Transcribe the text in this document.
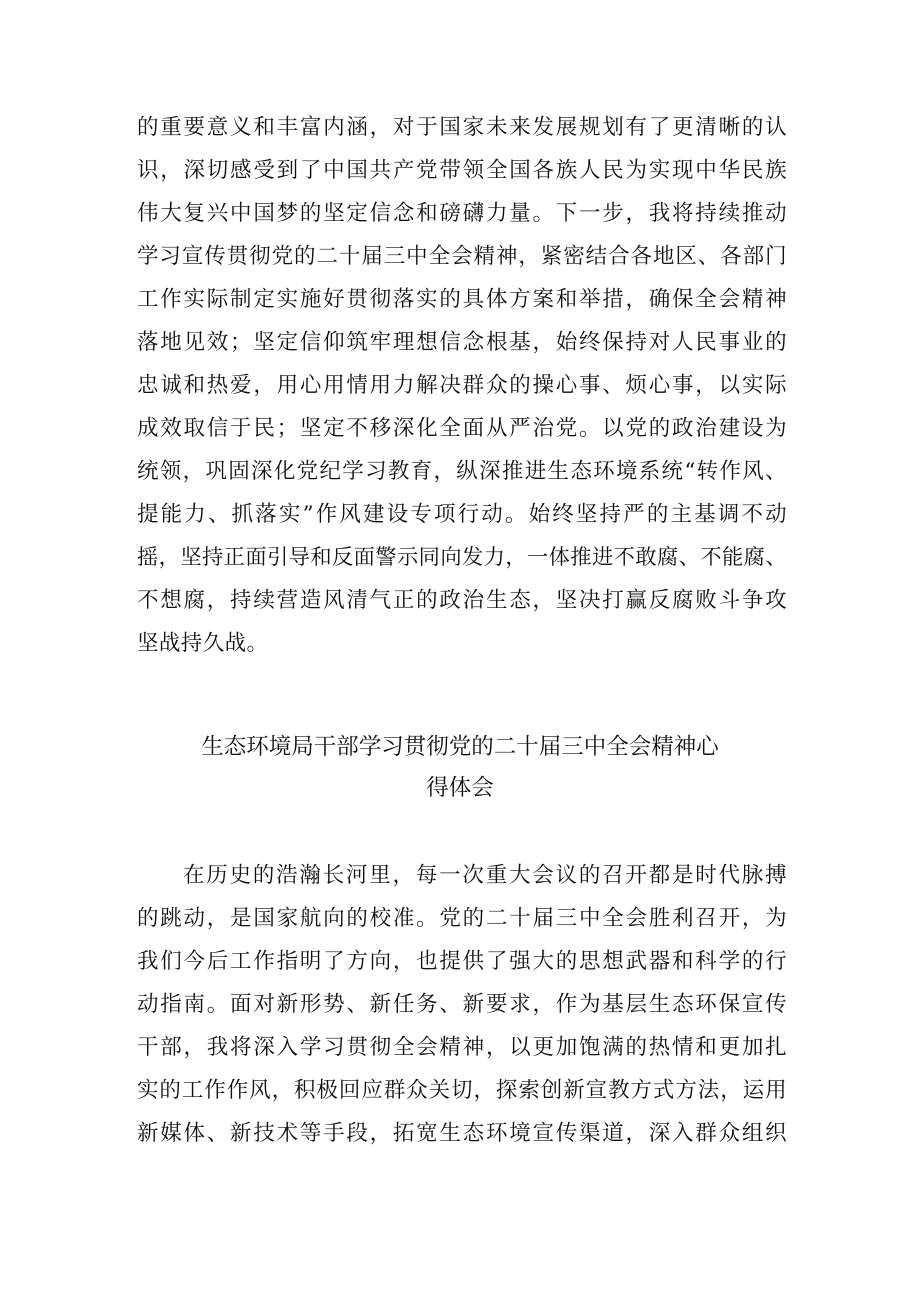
的重要意义和丰富内涵，对于国家未来发展规划有了更清晰的认

识，深切感受到了中国共产党带领全国各族人民为实现中华民族

伟大复兴中国梦的坚定信念和磅礴力量。下一步，我将持续推动

学习宣传贯彻党的二十届三中全会精神，紧密结合各地区、各部门

工作实际制定实施好贯彻落实的具体方案和举措，确保全会精神

落地见效；坚定信仰筑牢理想信念根基，始终保持对人民事业的

忠诚和热爱，用心用情用力解决群众的操心事、烦心事，以实际

成效取信于民；坚定不移深化全面从严治党。以党的政治建设为

统领，巩固深化党纪学习教育，纵深推进生态环境系统“转作风、

提能力、抓落实”作风建设专项行动。始终坚持严的主基调不动

摇，坚持正面引导和反面警示同向发力，一体推进不敢腐、不能腐、

不想腐，持续营造风清气正的政治生态，坚决打赢反腐败斗争攻

坚战持久战。

生态环境局干部学习贯彻党的二十届三中全会精神心
得体会

在历史的浩瀚长河里，每一次重大会议的召开都是时代脉搏

的跳动，是国家航向的校准。党的二十届三中全会胜利召开，为

我们今后工作指明了方向，也提供了强大的思想武器和科学的行

动指南。面对新形势、新任务、新要求，作为基层生态环保宣传

干部，我将深入学习贯彻全会精神，以更加饱满的热情和更加扎

实的工作作风，积极回应群众关切，探索创新宣教方式方法，运用

新媒体、新技术等手段，拓宽生态环境宣传渠道，深入群众组织
